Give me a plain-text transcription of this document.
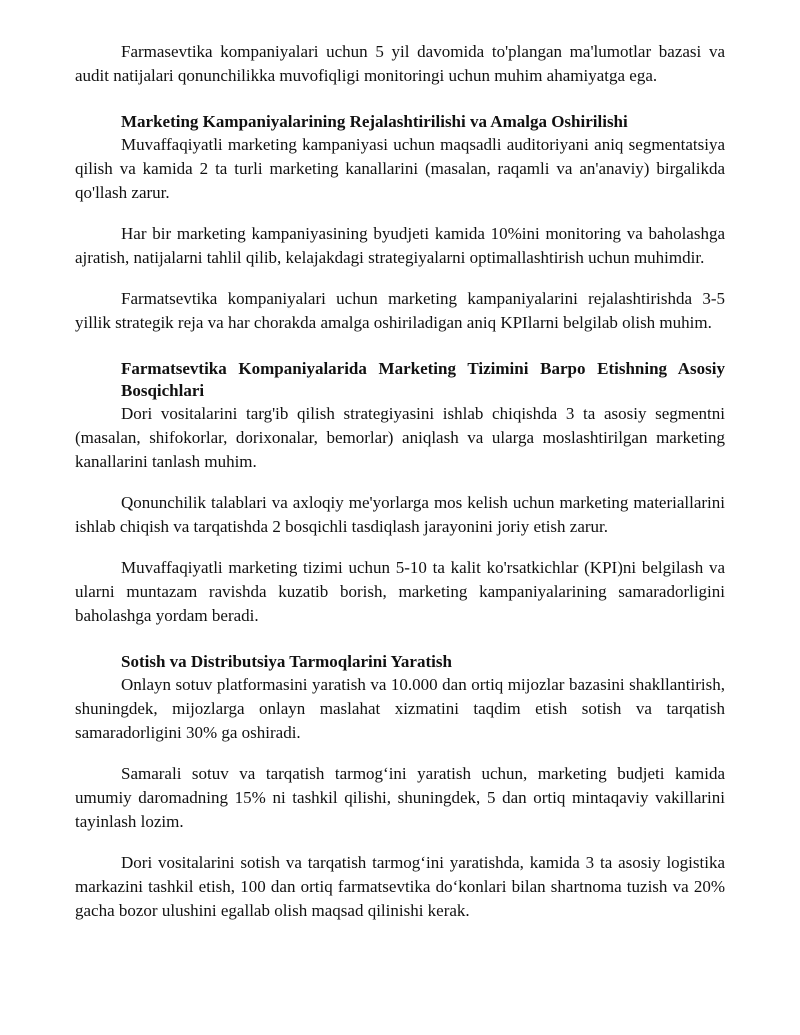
Farmasevtika kompaniyalari uchun 5 yil davomida to'plangan ma'lumotlar bazasi va audit natijalari qonunchilikka muvofiqligi monitoringi uchun muhim ahamiyatga ega.

Marketing Kampaniyalarining Rejalashtirilishi va Amalga Oshirilishi

Muvaffaqiyatli marketing kampaniyasi uchun maqsadli auditoriyani aniq segmentatsiya qilish va kamida 2 ta turli marketing kanallarini (masalan, raqamli va an'anaviy) birgalikda qo'llash zarur.

Har bir marketing kampaniyasining byudjeti kamida 10%ini monitoring va baholashga ajratish, natijalarni tahlil qilib, kelajakdagi strategiyalarni optimallashtirish uchun muhimdir.

Farmatsevtika kompaniyalari uchun marketing kampaniyalarini rejalashtirishda 3-5 yillik strategik reja va har chorakda amalga oshiriladigan aniq KPIlarni belgilab olish muhim.

Farmatsevtika Kompaniyalarida Marketing Tizimini Barpo Etishning Asosiy Bosqichlari

Dori vositalarini targ'ib qilish strategiyasini ishlab chiqishda 3 ta asosiy segmentni (masalan, shifokorlar, dorixonalar, bemorlar) aniqlash va ularga moslashtirilgan marketing kanallarini tanlash muhim.

Qonunchilik talablari va axloqiy me'yorlarga mos kelish uchun marketing materiallarini ishlab chiqish va tarqatishda 2 bosqichli tasdiqlash jarayonini joriy etish zarur.

Muvaffaqiyatli marketing tizimi uchun 5-10 ta kalit ko'rsatkichlar (KPI)ni belgilash va ularni muntazam ravishda kuzatib borish, marketing kampaniyalarining samaradorligini baholashga yordam beradi.

Sotish va Distributsiya Tarmoqlarini Yaratish

Onlayn sotuv platformasini yaratish va 10.000 dan ortiq mijozlar bazasini shakllantirish, shuningdek, mijozlarga onlayn maslahat xizmatini taqdim etish sotish va tarqatish samaradorligini 30% ga oshiradi.

Samarali sotuv va tarqatish tarmog‘ini yaratish uchun, marketing budjeti kamida umumiy daromadning 15% ni tashkil qilishi, shuningdek, 5 dan ortiq mintaqaviy vakillarini tayinlash lozim.

Dori vositalarini sotish va tarqatish tarmog‘ini yaratishda, kamida 3 ta asosiy logistika markazini tashkil etish, 100 dan ortiq farmatsevtika do‘konlari bilan shartnoma tuzish va 20% gacha bozor ulushini egallab olish maqsad qilinishi kerak.
